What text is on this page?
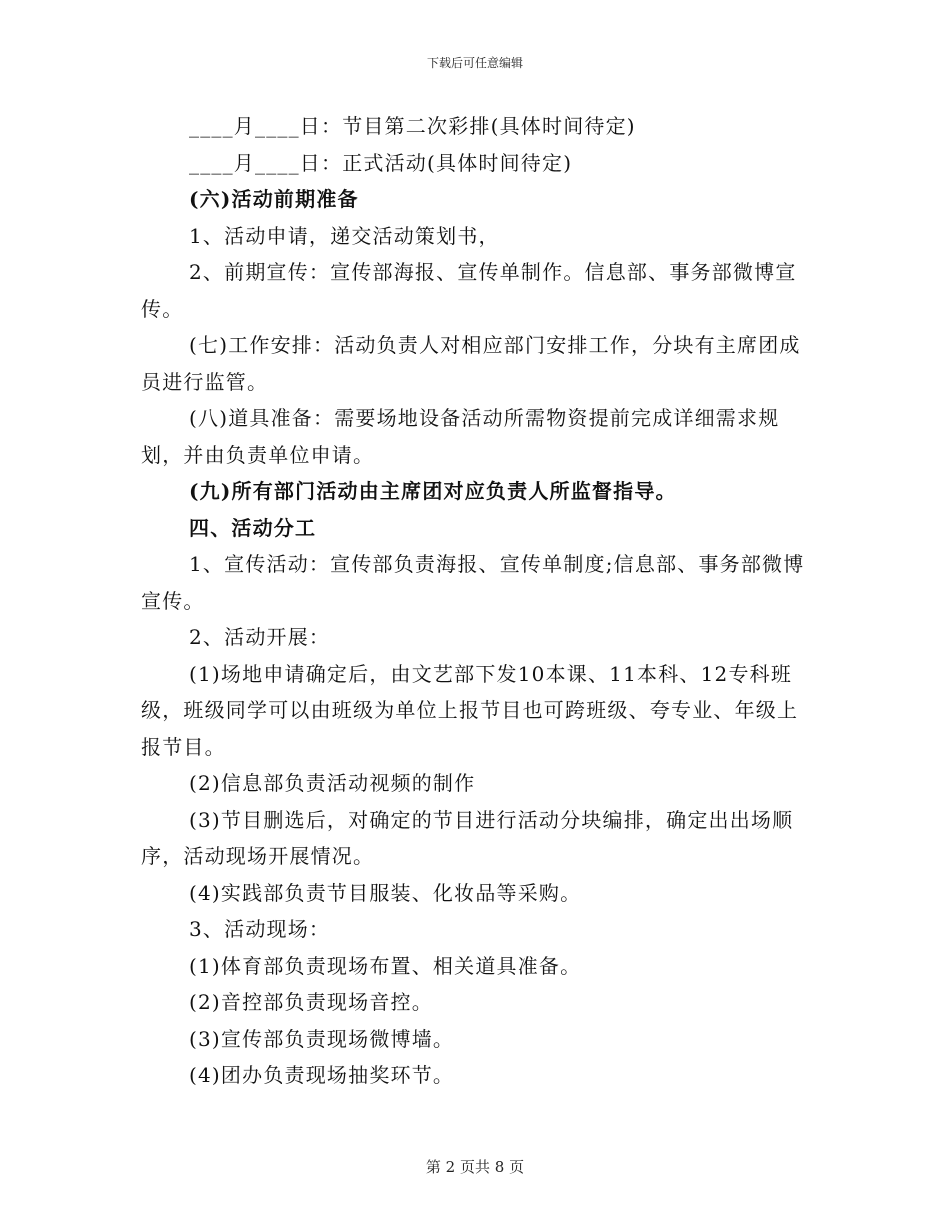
下载后可任意编辑

____月____日：节目第二次彩排(具体时间待定)

____月____日：正式活动(具体时间待定)

(六)活动前期准备

1、活动申请，递交活动策划书，

2、前期宣传：宣传部海报、宣传单制作。信息部、事务部微博宣传。

(七)工作安排：活动负责人对相应部门安排工作，分块有主席团成员进行监管。

(八)道具准备：需要场地设备活动所需物资提前完成详细需求规划，并由负责单位申请。

(九)所有部门活动由主席团对应负责人所监督指导。

四、活动分工

1、宣传活动：宣传部负责海报、宣传单制度;信息部、事务部微博宣传。

2、活动开展：

(1)场地申请确定后，由文艺部下发10本课、11本科、12专科班级，班级同学可以由班级为单位上报节目也可跨班级、夸专业、年级上报节目。

(2)信息部负责活动视频的制作

(3)节目删选后，对确定的节目进行活动分块编排，确定出出场顺序，活动现场开展情况。

(4)实践部负责节目服装、化妆品等采购。

3、活动现场：

(1)体育部负责现场布置、相关道具准备。

(2)音控部负责现场音控。

(3)宣传部负责现场微博墙。

(4)团办负责现场抽奖环节。

第 2 页共 8 页
